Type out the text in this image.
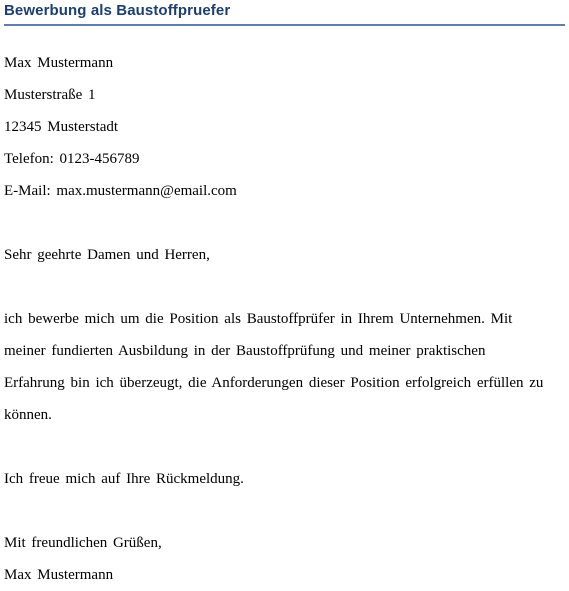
Bewerbung als Baustoffpruefer
Max Mustermann
Musterstraße 1
12345 Musterstadt
Telefon: 0123-456789
E-Mail: max.mustermann@email.com
Sehr geehrte Damen und Herren,
ich bewerbe mich um die Position als Baustoffprüfer in Ihrem Unternehmen. Mit
meiner fundierten Ausbildung in der Baustoffprüfung und meiner praktischen
Erfahrung bin ich überzeugt, die Anforderungen dieser Position erfolgreich erfüllen zu
können.
Ich freue mich auf Ihre Rückmeldung.
Mit freundlichen Grüßen,
Max Mustermann
